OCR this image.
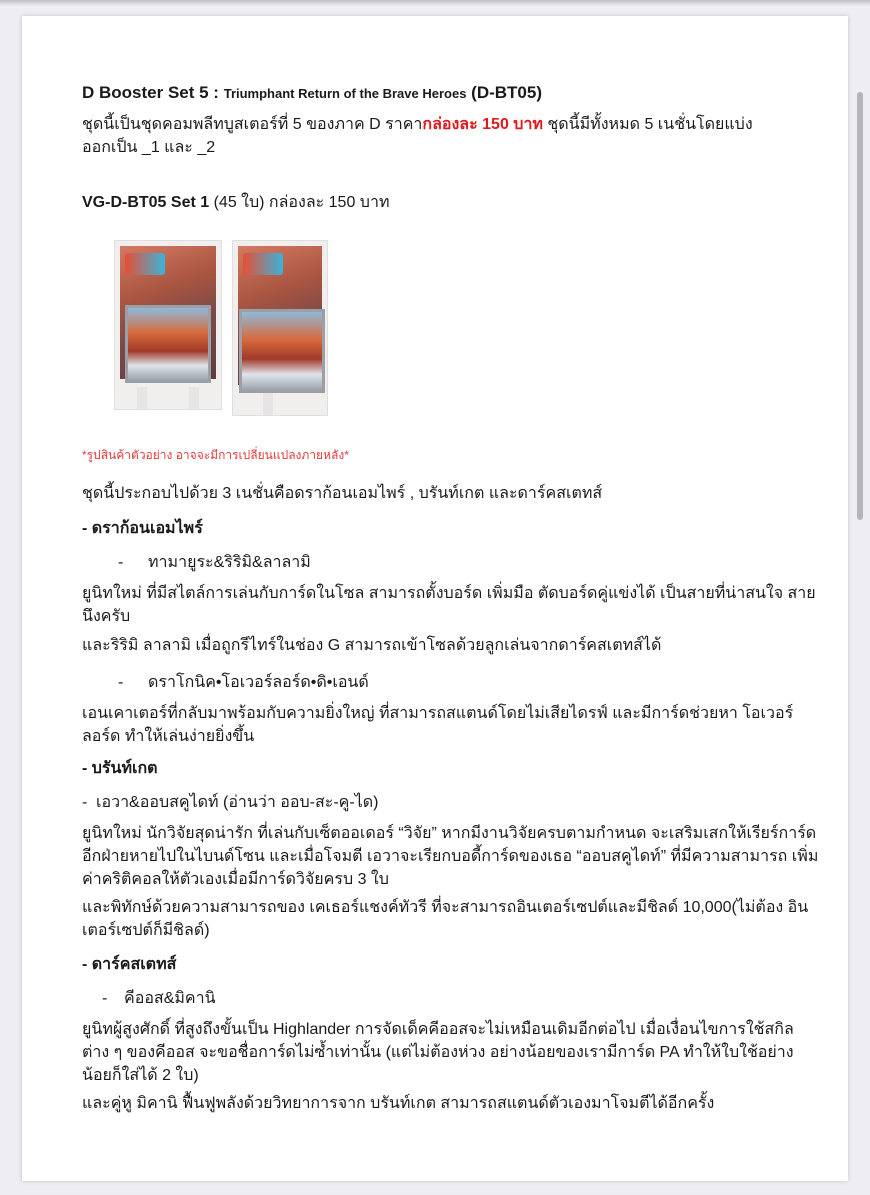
D Booster Set 5 : Triumphant Return of the Brave Heroes (D-BT05)

ชุดนี้เป็นชุดคอมพลีทบูสเตอร์ที่ 5 ของภาค D ราคากล่องละ 150 บาท ชุดนี้มีทั้งหมด 5 เนชั่นโดยแบ่ง
ออกเป็น _1 และ _2

VG-D-BT05 Set 1 (45 ใบ) กล่องละ 150 บาท
*รูปสินค้าตัวอย่าง อาจจะมีการเปลี่ยนแปลงภายหลัง*
ชุดนี้ประกอบไปด้วย 3 เนชั่นคือดราก้อนเอมไพร์ , บรันท์เกต และดาร์คสเตทส์
- ดราก้อนเอมไพร์
- ทามายูระ&ริริมิ&ลาลามิ
ยูนิทใหม่ ที่มีสไตล์การเล่นกับการ์ดในโซล สามารถตั้งบอร์ด เพิ่มมือ ตัดบอร์ดคู่แข่งได้ เป็นสายที่น่าสนใจ สายนึงครับ
และริริมิ ลาลามิ เมื่อถูกรีไทร์ในช่อง G สามารถเข้าโซลด้วยลูกเล่นจากดาร์คสเตทส์ได้
- ดราโกนิค•โอเวอร์ลอร์ด•ดิ•เอนด์
เอนเคาเตอร์ที่กลับมาพร้อมกับความยิ่งใหญ่ ที่สามารถสแตนด์โดยไม่เสียไดรฟ์ และมีการ์ดช่วยหา โอเวอร์ ลอร์ด ทำให้เล่นง่ายยิ่งขึ้น
- บรันท์เกต
- เอวา&ออบสคูไดท์ (อ่านว่า ออบ-สะ-คู-ได)
ยูนิทใหม่ นักวิจัยสุดน่ารัก ที่เล่นกับเซ็ตออเดอร์ “วิจัย” หากมีงานวิจัยครบตามกำหนด จะเสริมเสกให้เรียร์การ์ด อีกฝ่ายหายไปในไบนด์โซน และเมื่อโจมตี เอวาจะเรียกบอดี้การ์ดของเธอ “ออบสคูไดท์” ที่มีความสามารถ เพิ่มค่าคริติคอลให้ตัวเองเมื่อมีการ์ดวิจัยครบ 3 ใบ
และพิทักษ์ด้วยความสามารถของ เคเธอร์แชงค์ทัวรี ที่จะสามารถอินเตอร์เซปต์และมีชิลด์ 10,000(ไม่ต้อง อินเตอร์เซปต์ก็มีชิลด์)
- ดาร์คสเตทส์
- คีออส&มิคานิ
ยูนิทผู้สูงศักดิ์ ที่สูงถึงขั้นเป็น Highlander การจัดเด็คคีออสจะไม่เหมือนเดิมอีกต่อไป เมื่อเงื่อนไขการใช้สกิล ต่าง ๆ ของคีออส จะขอชื่อการ์ดไม่ซ้ำเท่านั้น (แต่ไม่ต้องห่วง อย่างน้อยของเรามีการ์ด PA ทำให้ใบใช้อย่าง น้อยก็ใส่ได้ 2 ใบ)
และคู่หู มิคานิ ฟื้นฟูพลังด้วยวิทยาการจาก บรันท์เกต สามารถสแตนด์ตัวเองมาโจมตีได้อีกครั้ง
